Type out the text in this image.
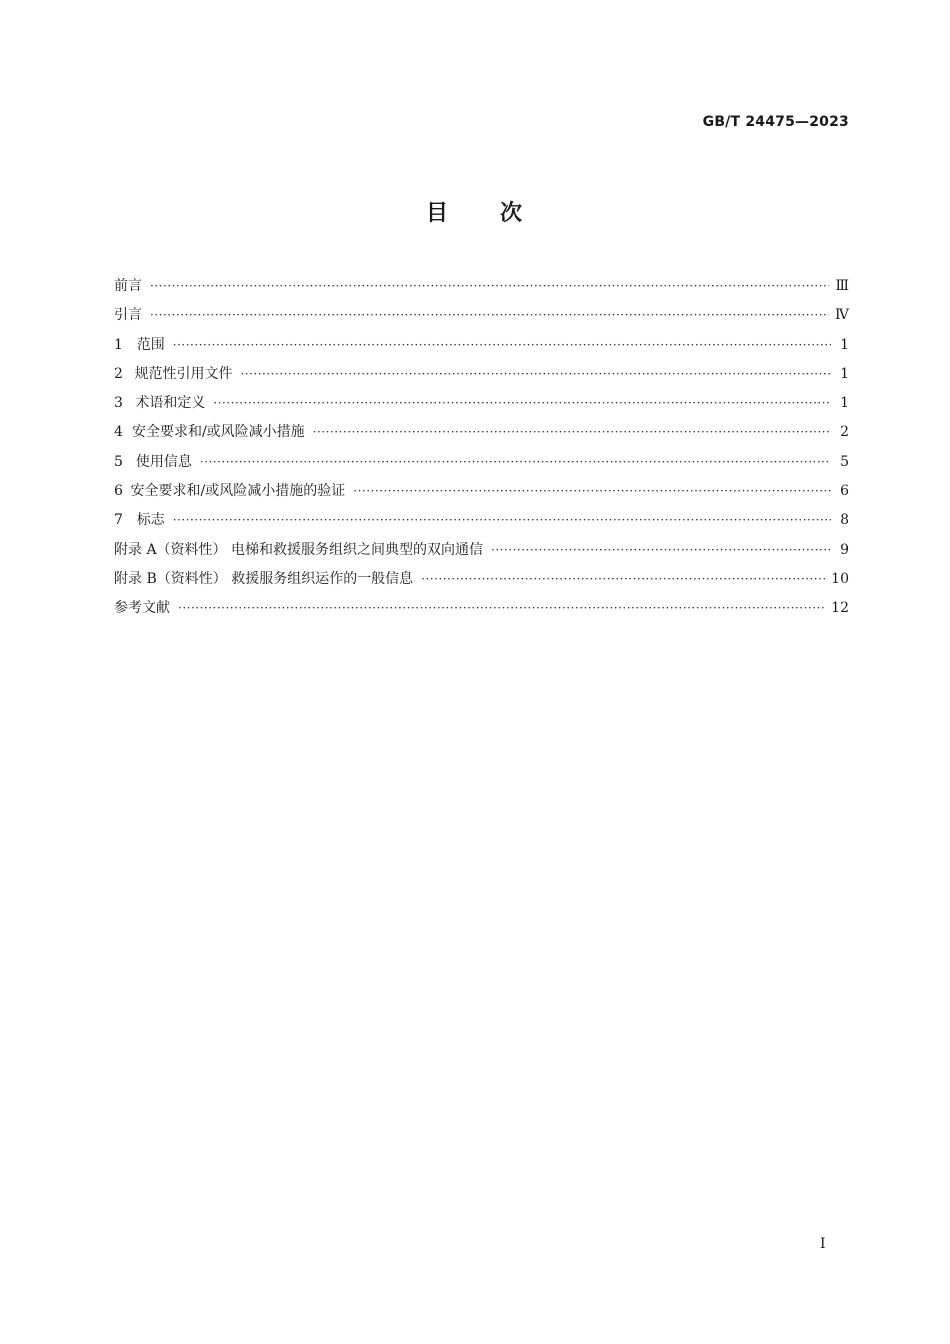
GB/T 24475—2023
目 次
前言 ·····	Ⅲ
引言 ·····	Ⅳ
1 范围 ·····	1
2 规范性引用文件 ·····	1
3 术语和定义 ·····	1
4 安全要求和/或风险减小措施 ·····	2
5 使用信息 ·····	5
6 安全要求和/或风险减小措施的验证 ·····	6
7 标志 ·····	8
附录 A（资料性） 电梯和救援服务组织之间典型的双向通信 ·····	9
附录 B（资料性） 救援服务组织运作的一般信息 ·····	10
参考文献 ·····	12
Ⅰ
